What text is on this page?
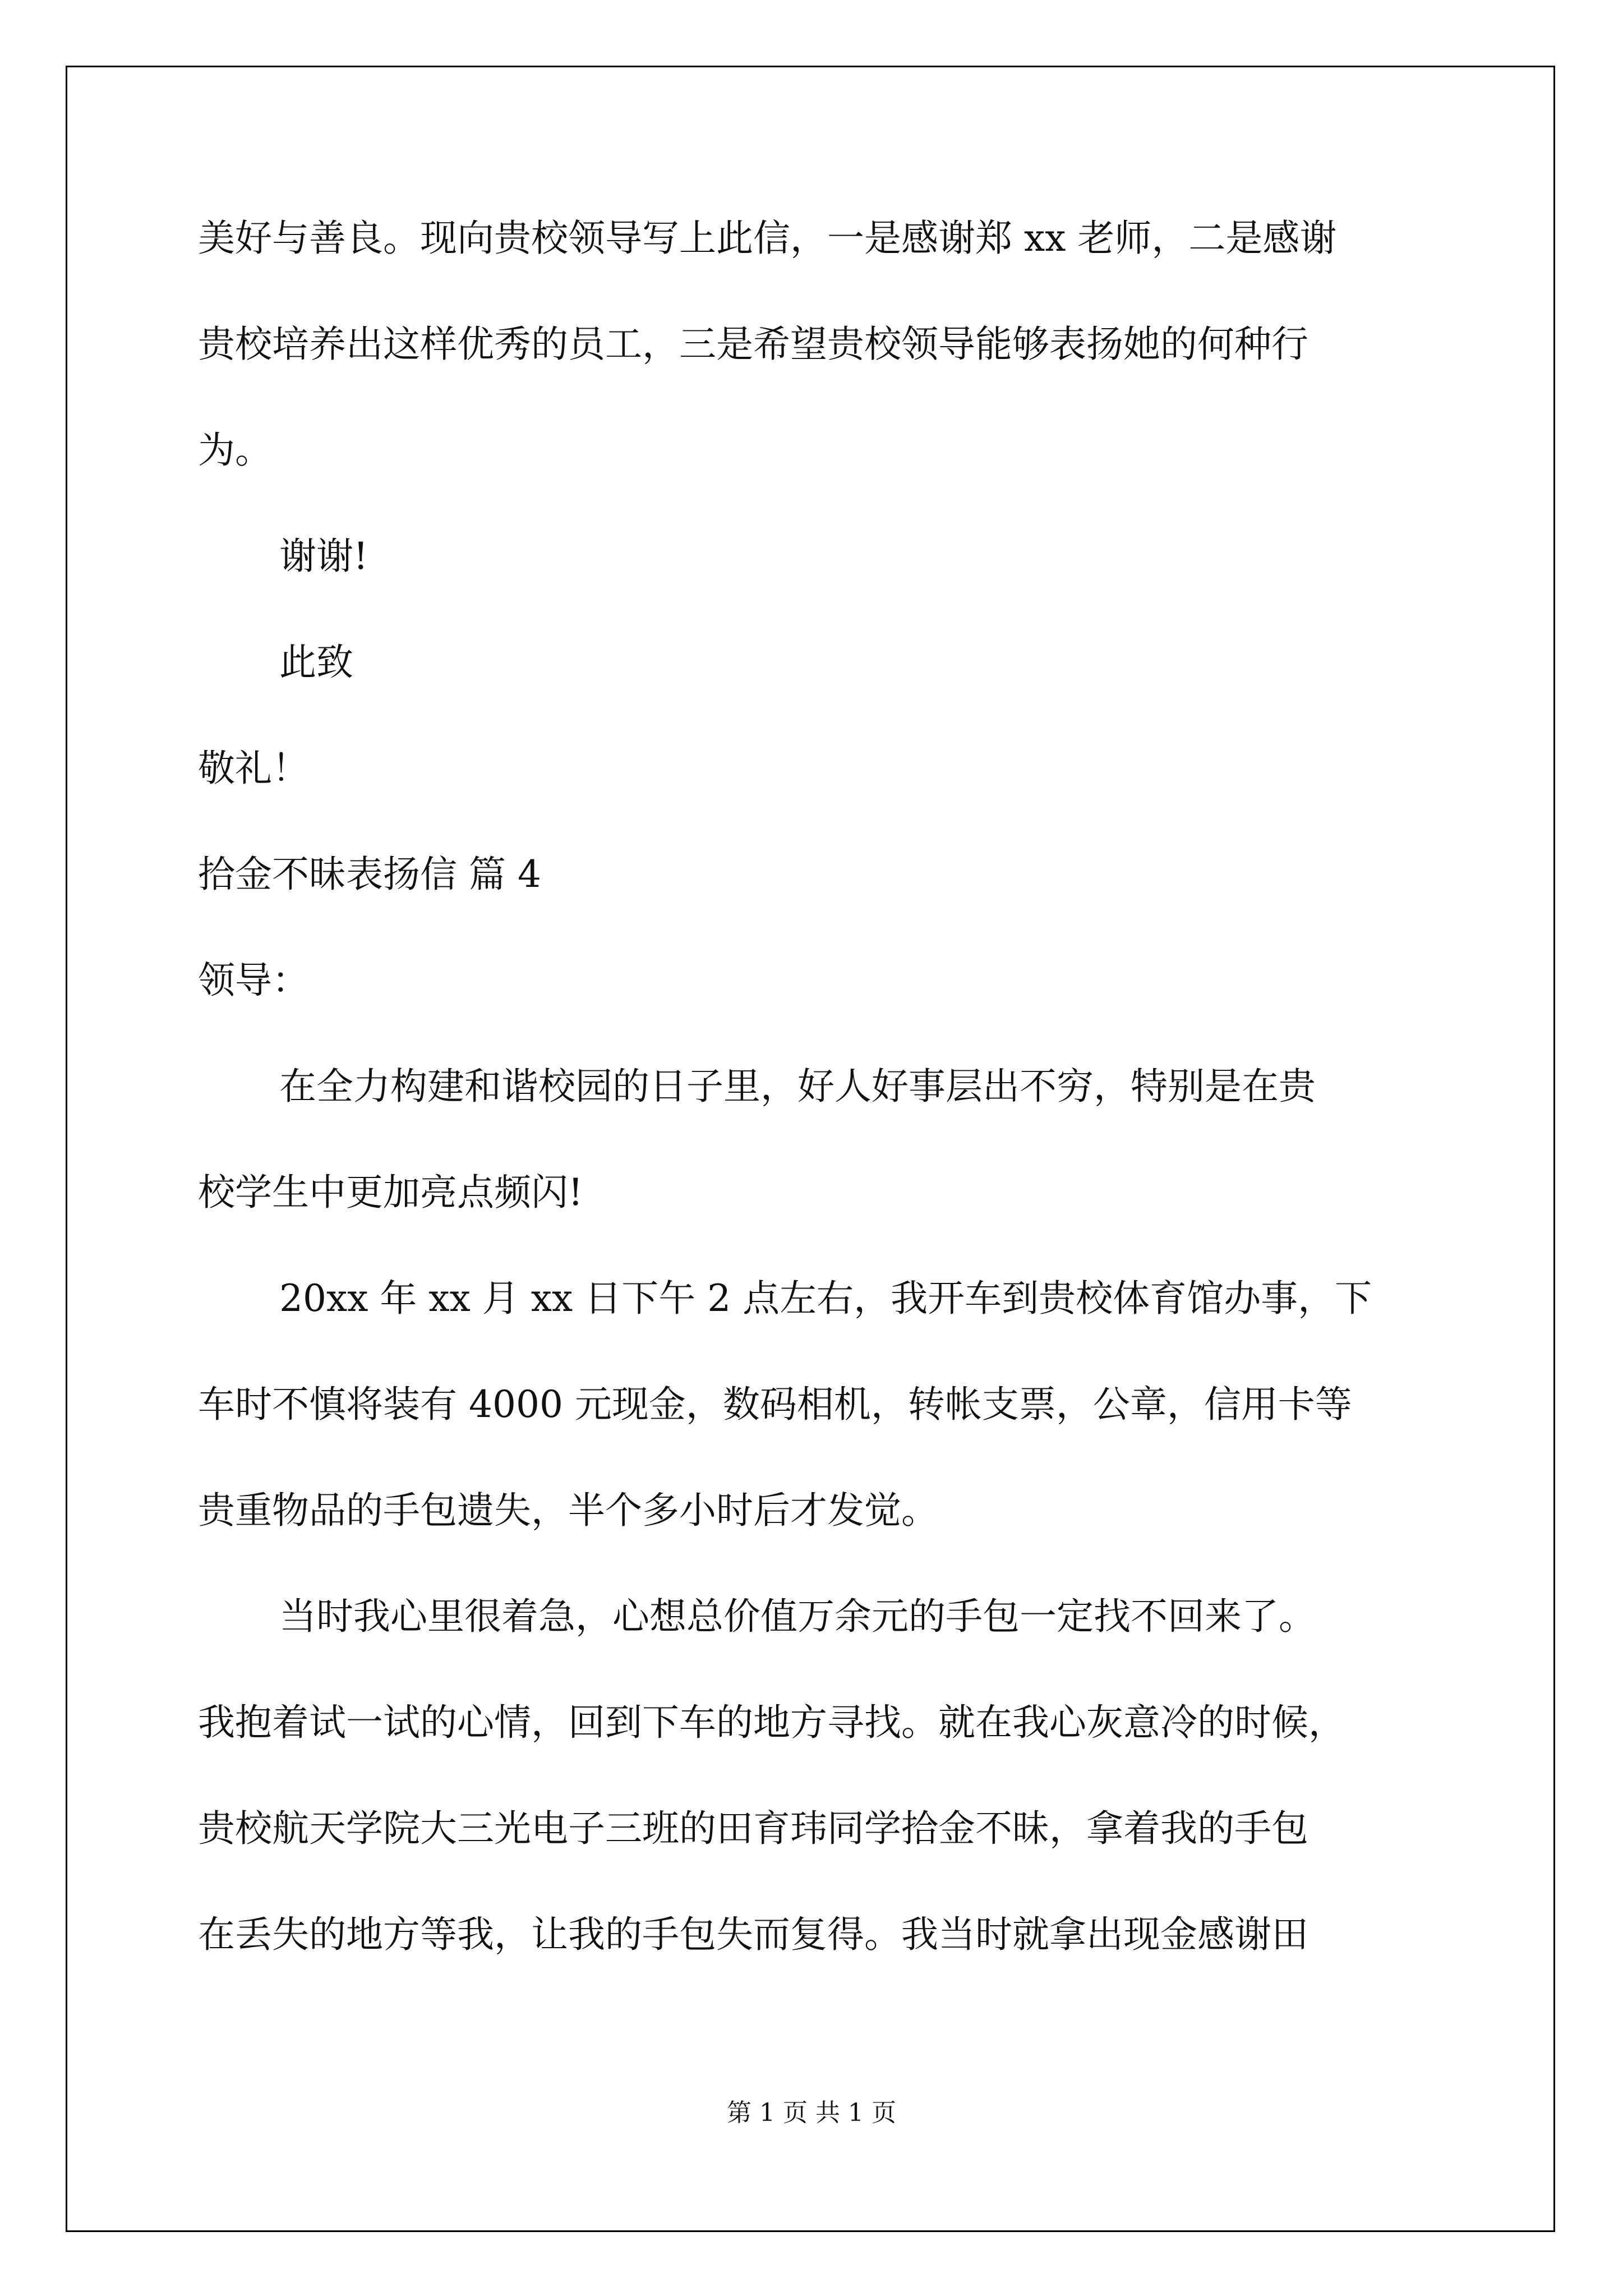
美好与善良。现向贵校领导写上此信，一是感谢郑 xx 老师，二是感谢
贵校培养出这样优秀的员工，三是希望贵校领导能够表扬她的何种行
为。
谢谢!
此致
敬礼！
拾金不昧表扬信 篇 4
领导：
在全力构建和谐校园的日子里，好人好事层出不穷，特别是在贵
校学生中更加亮点频闪!
20xx 年 xx 月 xx 日下午 2 点左右，我开车到贵校体育馆办事，下
车时不慎将装有 4000 元现金，数码相机，转帐支票，公章，信用卡等
贵重物品的手包遗失，半个多小时后才发觉。
当时我心里很着急，心想总价值万余元的手包一定找不回来了。
我抱着试一试的心情，回到下车的地方寻找。就在我心灰意冷的时候，
贵校航天学院大三光电子三班的田育玮同学拾金不昧，拿着我的手包
在丢失的地方等我，让我的手包失而复得。我当时就拿出现金感谢田
第 1 页 共 1 页
